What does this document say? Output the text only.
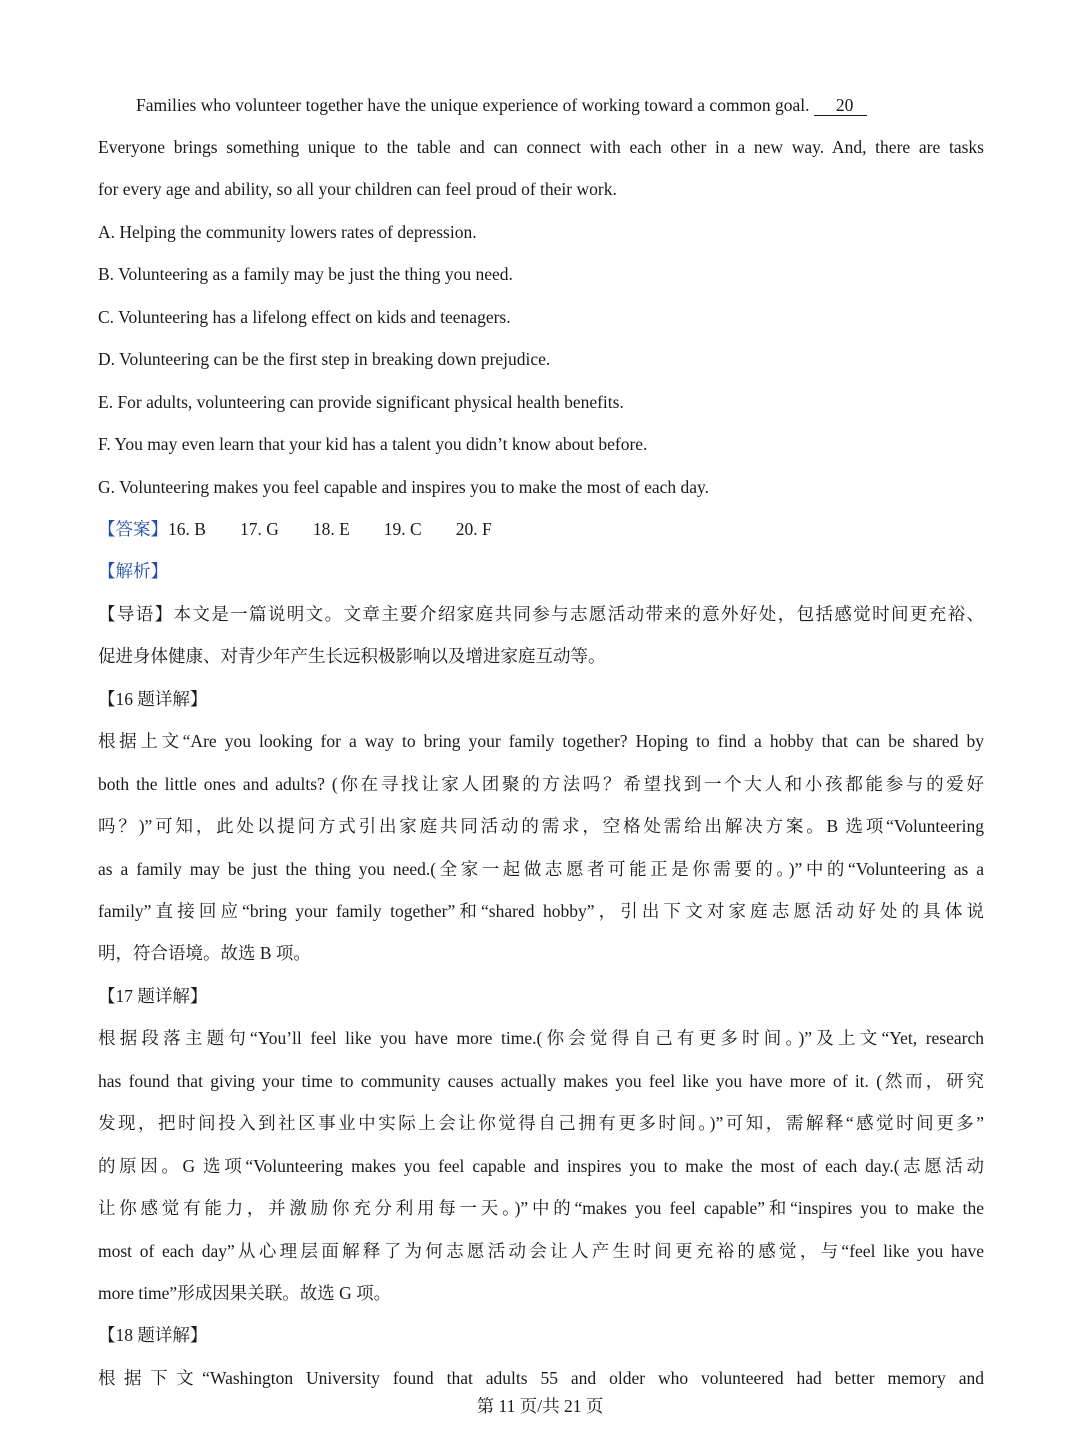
Families who volunteer together have the unique experience of working toward a common goal. 20
Everyone brings something unique to the table and can connect with each other in a new way. And, there are tasks
for every age and ability, so all your children can feel proud of their work.
A. Helping the community lowers rates of depression.
B. Volunteering as a family may be just the thing you need.
C. Volunteering has a lifelong effect on kids and teenagers.
D. Volunteering can be the first step in breaking down prejudice.
E. For adults, volunteering can provide significant physical health benefits.
F. You may even learn that your kid has a talent you didn’t know about before.
G. Volunteering makes you feel capable and inspires you to make the most of each day.
【答案】16. B 17. G 18. E 19. C 20. F
【解析】
【导语】本文是一篇说明文。文章主要介绍家庭共同参与志愿活动带来的意外好处，包括感觉时间更充裕、
促进身体健康、对青少年产生长远积极影响以及增进家庭互动等。
【16 题详解】
根据上文“Are you looking for a way to bring your family together? Hoping to find a hobby that can be shared by
both the little ones and adults? (你在寻找让家人团聚的方法吗？希望找到一个大人和小孩都能参与的爱好
吗？)”可知，此处以提问方式引出家庭共同活动的需求，空格处需给出解决方案。B 选项“Volunteering
as a family may be just the thing you need.(全家一起做志愿者可能正是你需要的。)”中的“Volunteering as a
family”直接回应“bring your family together”和“shared hobby”，引出下文对家庭志愿活动好处的具体说
明，符合语境。故选 B 项。
【17 题详解】
根据段落主题句“You’ll feel like you have more time.(你会觉得自己有更多时间。)”及上文“Yet, research
has found that giving your time to community causes actually makes you feel like you have more of it. (然而，研究
发现，把时间投入到社区事业中实际上会让你觉得自己拥有更多时间。)”可知，需解释“感觉时间更多”
的原因。G 选项“Volunteering makes you feel capable and inspires you to make the most of each day.(志愿活动
让你感觉有能力，并激励你充分利用每一天。)”中的“makes you feel capable”和“inspires you to make the
most of each day”从心理层面解释了为何志愿活动会让人产生时间更充裕的感觉，与“feel like you have
more time”形成因果关联。故选 G 项。
【18 题详解】
根据下文“Washington University found that adults 55 and older who volunteered had better memory and
第 11 页/共 21 页
